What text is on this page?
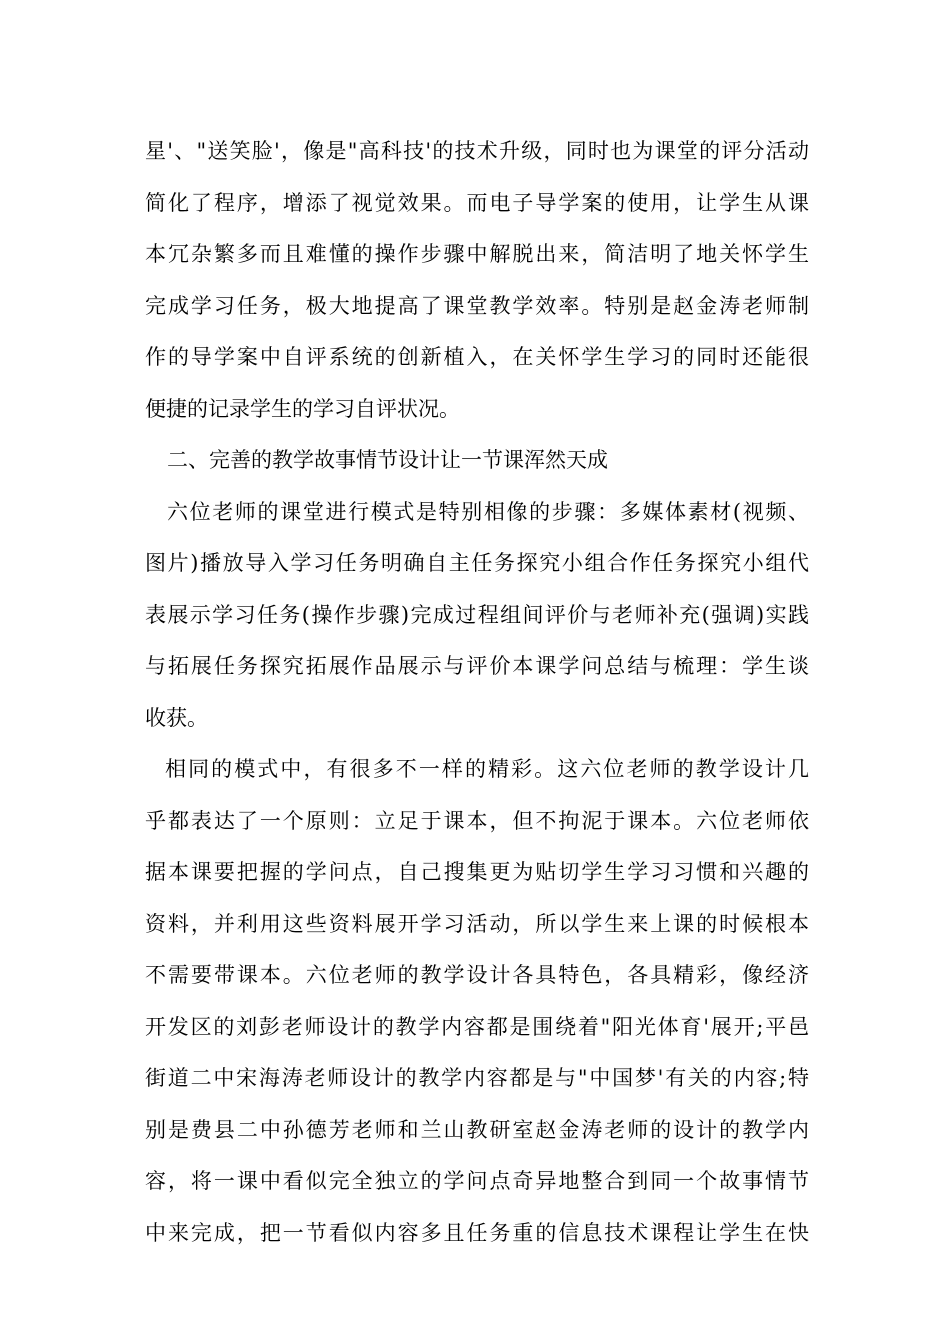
星'、"送笑脸'，像是"高科技'的技术升级，同时也为课堂的评分活动
简化了程序，增添了视觉效果。而电子导学案的使用，让学生从课
本冗杂繁多而且难懂的操作步骤中解脱出来，简洁明了地关怀学生
完成学习任务，极大地提高了课堂教学效率。特别是赵金涛老师制
作的导学案中自评系统的创新植入，在关怀学生学习的同时还能很
便捷的记录学生的学习自评状况。
二、完善的教学故事情节设计让一节课浑然天成
六位老师的课堂进行模式是特别相像的步骤：多媒体素材(视频、
图片)播放导入学习任务明确自主任务探究小组合作任务探究小组代
表展示学习任务(操作步骤)完成过程组间评价与老师补充(强调)实践
与拓展任务探究拓展作品展示与评价本课学问总结与梳理：学生谈
收获。
相同的模式中，有很多不一样的精彩。这六位老师的教学设计几
乎都表达了一个原则：立足于课本，但不拘泥于课本。六位老师依
据本课要把握的学问点，自己搜集更为贴切学生学习习惯和兴趣的
资料，并利用这些资料展开学习活动，所以学生来上课的时候根本
不需要带课本。六位老师的教学设计各具特色，各具精彩，像经济
开发区的刘彭老师设计的教学内容都是围绕着"阳光体育'展开;平邑
街道二中宋海涛老师设计的教学内容都是与"中国梦'有关的内容;特
别是费县二中孙德芳老师和兰山教研室赵金涛老师的设计的教学内
容，将一课中看似完全独立的学问点奇异地整合到同一个故事情节
中来完成，把一节看似内容多且任务重的信息技术课程让学生在快
